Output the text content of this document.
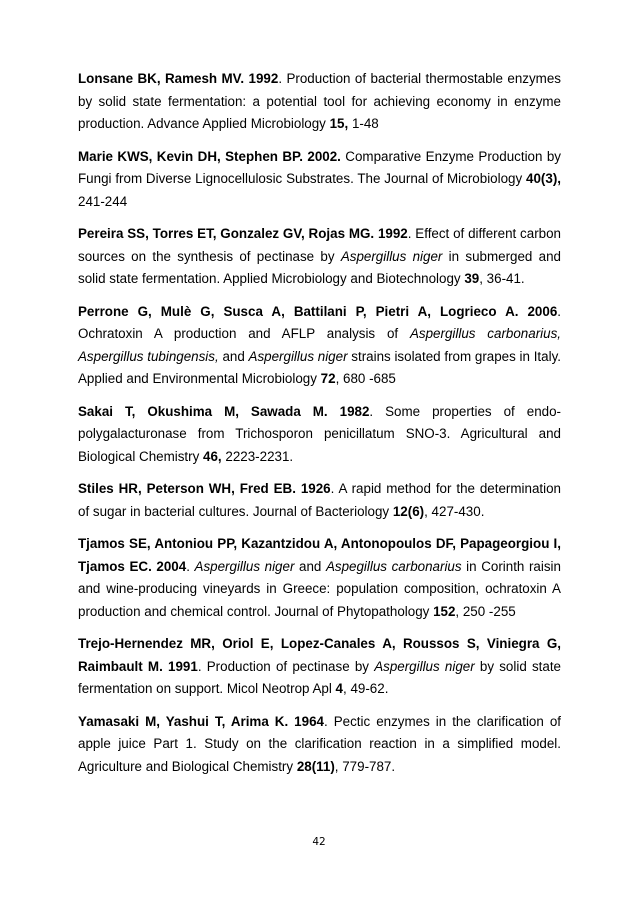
Lonsane BK, Ramesh MV. 1992. Production of bacterial thermostable enzymes by solid state fermentation: a potential tool for achieving economy in enzyme production. Advance Applied Microbiology 15, 1-48

Marie KWS, Kevin DH, Stephen BP. 2002. Comparative Enzyme Production by Fungi from Diverse Lignocellulosic Substrates. The Journal of Microbiology 40(3), 241-244

Pereira SS, Torres ET, Gonzalez GV, Rojas MG. 1992. Effect of different carbon sources on the synthesis of pectinase by Aspergillus niger in submerged and solid state fermentation. Applied Microbiology and Biotechnology 39, 36-41.

Perrone G, Mulè G, Susca A, Battilani P, Pietri A, Logrieco A. 2006. Ochratoxin A production and AFLP analysis of Aspergillus carbonarius, Aspergillus tubingensis, and Aspergillus niger strains isolated from grapes in Italy. Applied and Environmental Microbiology 72, 680 -685

Sakai T, Okushima M, Sawada M. 1982. Some properties of endo-polygalacturonase from Trichosporon penicillatum SNO-3. Agricultural and Biological Chemistry 46, 2223-2231.

Stiles HR, Peterson WH, Fred EB. 1926. A rapid method for the determination of sugar in bacterial cultures. Journal of Bacteriology 12(6), 427-430.

Tjamos SE, Antoniou PP, Kazantzidou A, Antonopoulos DF, Papageorgiou I, Tjamos EC. 2004. Aspergillus niger and Aspegillus carbonarius in Corinth raisin and wine-producing vineyards in Greece: population composition, ochratoxin A production and chemical control. Journal of Phytopathology 152, 250 -255

Trejo-Hernendez MR, Oriol E, Lopez-Canales A, Roussos S, Viniegra G, Raimbault M. 1991. Production of pectinase by Aspergillus niger by solid state fermentation on support. Micol Neotrop Apl 4, 49-62.

Yamasaki M, Yashui T, Arima K. 1964. Pectic enzymes in the clarification of apple juice Part 1. Study on the clarification reaction in a simplified model. Agriculture and Biological Chemistry 28(11), 779-787.

42
